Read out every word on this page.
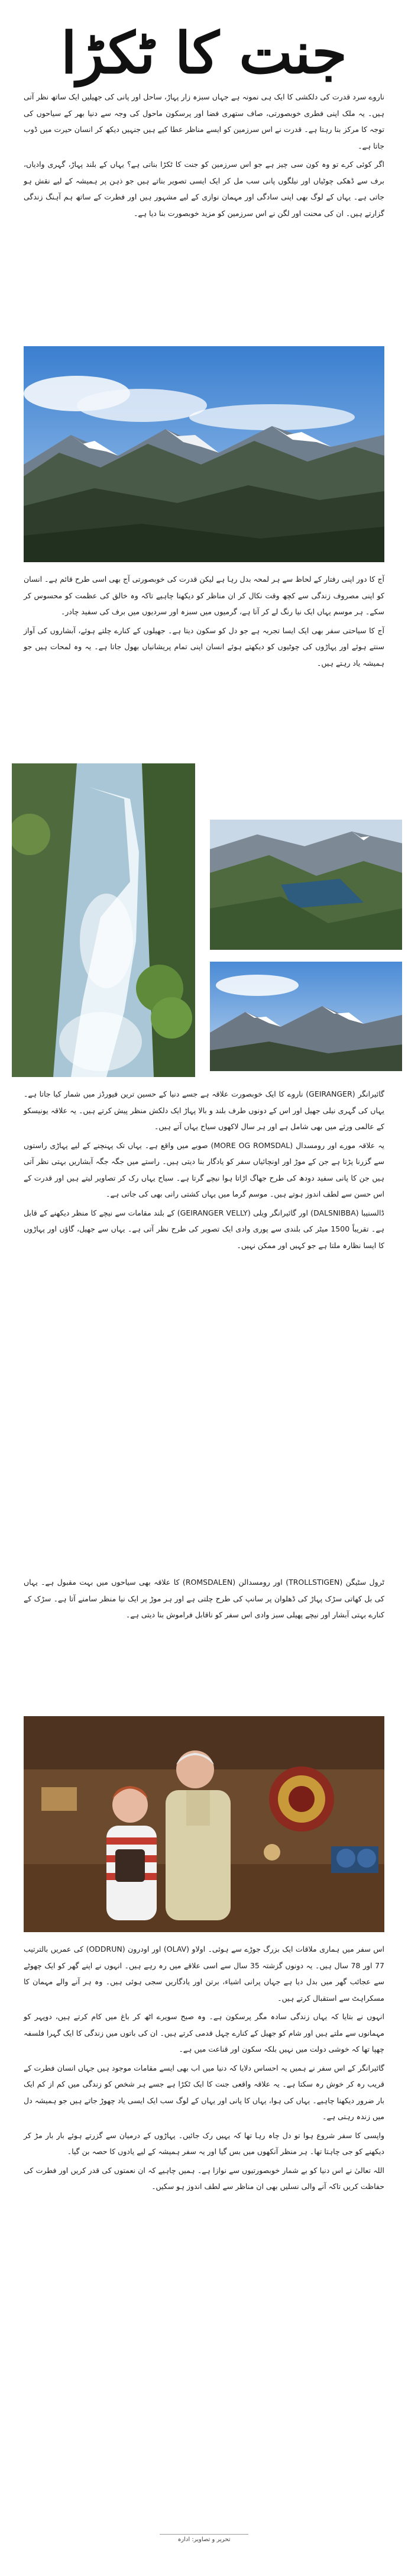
جنت کا ٹکڑا

ناروے سرد قدرت کی دلکشی کا ایک ہی نمونہ ہے جہاں سبزہ زار پہاڑ، ساحل اور پانی کی جھیلیں ایک ساتھ نظر آتی ہیں۔ یہ ملک اپنی فطری خوبصورتی، صاف ستھری فضا اور پرسکون ماحول کی وجہ سے دنیا بھر کے سیاحوں کی توجہ کا مرکز بنا رہتا ہے۔ قدرت نے اس سرزمین کو ایسے مناظر عطا کیے ہیں جنہیں دیکھ کر انسان حیرت میں ڈوب جاتا ہے۔

اگر کوئی کرے تو وہ کون سی چیز ہے جو اس سرزمین کو جنت کا ٹکڑا بناتی ہے؟ یہاں کے بلند پہاڑ، گہری وادیاں، برف سے ڈھکی چوٹیاں اور نیلگوں پانی سب مل کر ایک ایسی تصویر بناتے ہیں جو ذہن پر ہمیشہ کے لیے نقش ہو جاتی ہے۔ یہاں کے لوگ بھی اپنی سادگی اور مہمان نوازی کے لیے مشہور ہیں اور فطرت کے ساتھ ہم آہنگ زندگی گزارتے ہیں۔ ان کی محنت اور لگن نے اس سرزمین کو مزید خوبصورت بنا دیا ہے۔

آج کا دور اپنی رفتار کے لحاظ سے ہر لمحہ بدل رہا ہے لیکن قدرت کی خوبصورتی آج بھی اسی طرح قائم ہے۔ انسان کو اپنی مصروف زندگی سے کچھ وقت نکال کر ان مناظر کو دیکھنا چاہیے تاکہ وہ خالق کی عظمت کو محسوس کر سکے۔ ہر موسم یہاں ایک نیا رنگ لے کر آتا ہے، گرمیوں میں سبزہ اور سردیوں میں برف کی سفید چادر۔

آج کا سیاحتی سفر بھی ایک ایسا تجربہ ہے جو دل کو سکون دیتا ہے۔ جھیلوں کے کنارے چلتے ہوئے، آبشاروں کی آواز سنتے ہوئے اور پہاڑوں کی چوٹیوں کو دیکھتے ہوئے انسان اپنی تمام پریشانیاں بھول جاتا ہے۔ یہ وہ لمحات ہیں جو ہمیشہ یاد رہتے ہیں۔

گائیرانگر (GEIRANGER) ناروے کا ایک خوبصورت علاقہ ہے جسے دنیا کے حسین ترین فیورڈز میں شمار کیا جاتا ہے۔ یہاں کی گہری نیلی جھیل اور اس کے دونوں طرف بلند و بالا پہاڑ ایک دلکش منظر پیش کرتے ہیں۔ یہ علاقہ یونیسکو کے عالمی ورثے میں بھی شامل ہے اور ہر سال لاکھوں سیاح یہاں آتے ہیں۔

یہ علاقہ مورے اور رومسدال (MORE OG ROMSDAL) صوبے میں واقع ہے۔ یہاں تک پہنچنے کے لیے پہاڑی راستوں سے گزرنا پڑتا ہے جن کے موڑ اور اونچائیاں سفر کو یادگار بنا دیتی ہیں۔ راستے میں جگہ جگہ آبشاریں بہتی نظر آتی ہیں جن کا پانی سفید دودھ کی طرح جھاگ اڑاتا ہوا نیچے گرتا ہے۔ سیاح یہاں رک کر تصاویر لیتے ہیں اور قدرت کے اس حسن سے لطف اندوز ہوتے ہیں۔ موسم گرما میں یہاں کشتی رانی بھی کی جاتی ہے۔

ڈالسنیبا (DALSNIBBA) اور گائیرانگر ویلی (GEIRANGER VELLY) کے بلند مقامات سے نیچے کا منظر دیکھنے کے قابل ہے۔ تقریباً 1500 میٹر کی بلندی سے پوری وادی ایک تصویر کی طرح نظر آتی ہے۔ یہاں سے جھیل، گاؤں اور پہاڑوں کا ایسا نظارہ ملتا ہے جو کہیں اور ممکن نہیں۔

ٹرول سٹیگن (TROLLSTIGEN) اور رومسدالن (ROMSDALEN) کا علاقہ بھی سیاحوں میں بہت مقبول ہے۔ یہاں کی بل کھاتی سڑک پہاڑ کی ڈھلوان پر سانپ کی طرح چلتی ہے اور ہر موڑ پر ایک نیا منظر سامنے آتا ہے۔ سڑک کے کنارے بہتی آبشار اور نیچے پھیلی سبز وادی اس سفر کو ناقابل فراموش بنا دیتی ہے۔

اس سفر میں ہماری ملاقات ایک بزرگ جوڑے سے ہوئی۔ اولاو (OLAV) اور اودرون (ODDRUN) کی عمریں بالترتیب 77 اور 78 سال ہیں۔ یہ دونوں گزشتہ 35 سال سے اسی علاقے میں رہ رہے ہیں۔ انہوں نے اپنے گھر کو ایک چھوٹے سے عجائب گھر میں بدل دیا ہے جہاں پرانی اشیاء، برتن اور یادگاریں سجی ہوئی ہیں۔ وہ ہر آنے والے مہمان کا مسکراہٹ سے استقبال کرتے ہیں۔

انہوں نے بتایا کہ یہاں زندگی سادہ مگر پرسکون ہے۔ وہ صبح سویرے اٹھ کر باغ میں کام کرتے ہیں، دوپہر کو مہمانوں سے ملتے ہیں اور شام کو جھیل کے کنارے چہل قدمی کرتے ہیں۔ ان کی باتوں میں زندگی کا ایک گہرا فلسفہ چھپا تھا کہ خوشی دولت میں نہیں بلکہ سکون اور قناعت میں ہے۔

گائیرانگر کے اس سفر نے ہمیں یہ احساس دلایا کہ دنیا میں اب بھی ایسے مقامات موجود ہیں جہاں انسان فطرت کے قریب رہ کر خوش رہ سکتا ہے۔ یہ علاقہ واقعی جنت کا ایک ٹکڑا ہے جسے ہر شخص کو زندگی میں کم از کم ایک بار ضرور دیکھنا چاہیے۔ یہاں کی ہوا، یہاں کا پانی اور یہاں کے لوگ سب ایک ایسی یاد چھوڑ جاتے ہیں جو ہمیشہ دل میں زندہ رہتی ہے۔

واپسی کا سفر شروع ہوا تو دل چاہ رہا تھا کہ یہیں رک جائیں۔ پہاڑوں کے درمیان سے گزرتے ہوئے بار بار مڑ کر دیکھنے کو جی چاہتا تھا۔ ہر منظر آنکھوں میں بس گیا اور یہ سفر ہمیشہ کے لیے یادوں کا حصہ بن گیا۔

اللہ تعالیٰ نے اس دنیا کو بے شمار خوبصورتیوں سے نوازا ہے۔ ہمیں چاہیے کہ ان نعمتوں کی قدر کریں اور فطرت کی حفاظت کریں تاکہ آنے والی نسلیں بھی ان مناظر سے لطف اندوز ہو سکیں۔

تحریر و تصاویر: ادارہ
